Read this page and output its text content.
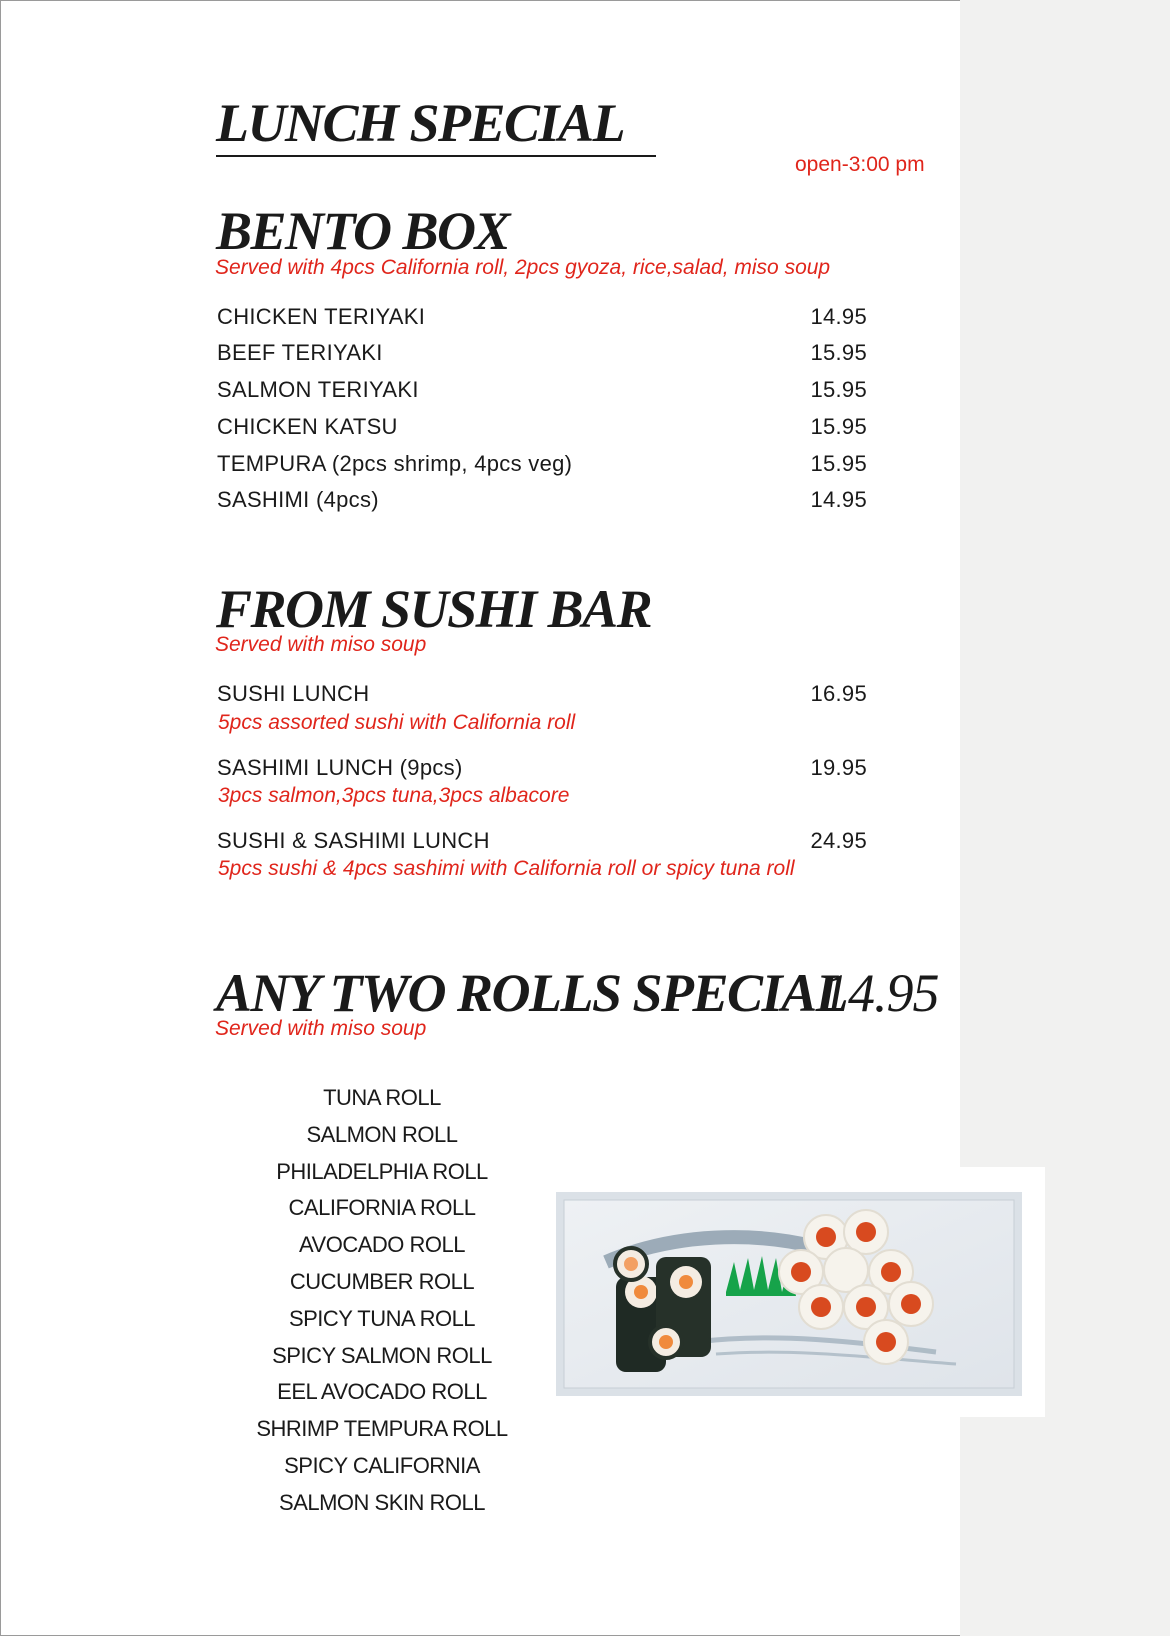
LUNCH SPECIAL
open-3:00 pm
BENTO BOX
Served with 4pcs California roll, 2pcs gyoza, rice,salad, miso soup
CHICKEN TERIYAKI	14.95
BEEF TERIYAKI	15.95
SALMON TERIYAKI	15.95
CHICKEN KATSU	15.95
TEMPURA (2pcs shrimp, 4pcs veg)	15.95
SASHIMI (4pcs)	14.95
FROM SUSHI BAR
Served with miso soup
SUSHI LUNCH	16.95
5pcs assorted sushi with California roll
SASHIMI LUNCH (9pcs)	19.95
3pcs salmon,3pcs tuna,3pcs albacore
SUSHI & SASHIMI LUNCH	24.95
5pcs sushi & 4pcs sashimi with California roll or spicy tuna roll
ANY TWO ROLLS SPECIAL
14.95
Served with miso soup
TUNA ROLL
SALMON ROLL
PHILADELPHIA ROLL
CALIFORNIA ROLL
AVOCADO ROLL
CUCUMBER ROLL
SPICY TUNA ROLL
SPICY SALMON ROLL
EEL AVOCADO ROLL
SHRIMP TEMPURA ROLL
SPICY CALIFORNIA
SALMON SKIN ROLL
